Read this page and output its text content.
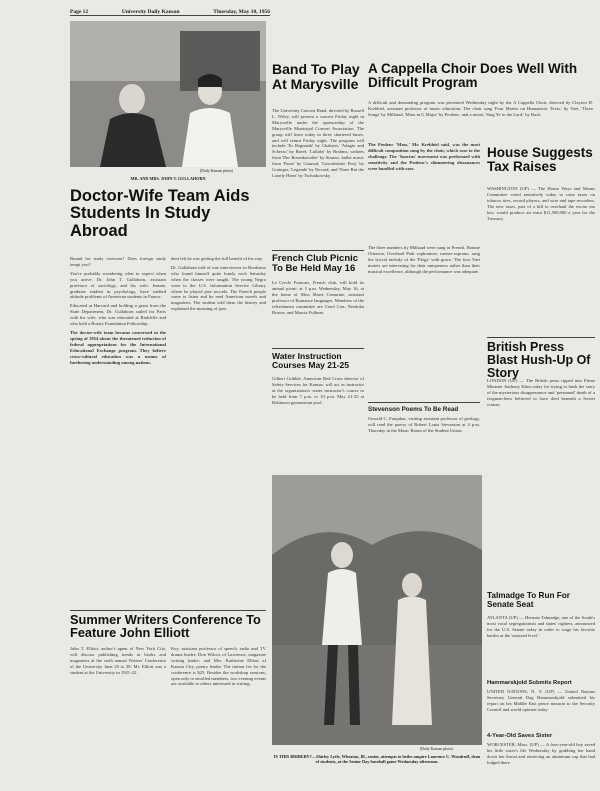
Page 12	University Daily Kansan	Thursday, May 10, 1956
(Daily Kansan photo)
MR. AND MRS. JOHN T. GULLAHORN
Doctor-Wife Team Aids Students In Study Abroad

Bound for study overseas? Does foreign study tempt you?

You're probably wondering what to expect when you arrive. Dr. John T. Gullahorn, assistant professor of sociology, and his wife, Jeanne, graduate student in psychology, have studied attitude problems of American students in France.

Educated at Harvard and holding a grant from the State Department, Dr. Gullahorn sailed for Paris with his wife, who was educated at Radcliffe and who held a Rotary Foundation Fellowship.

The doctor-wife team became concerned in the spring of 1954 about the threatened reduction of federal appropriations for the International Educational Exchange program. They believe cross-cultural education was a means of furthering understanding among nations.

dent felt he was getting the full benefit of his stay.

Dr. Gullahorn told of one interviewee in Bordeaux who found himself quite lonely each Saturday when the classes were taught. The young Negro went to the U.S. Information Service Library where he played jazz records. The French people came to listen and he read American novels and magazines. The student told them the history and explained the meaning of jazz.

Band To Play At Marysville
The University Concert Band, directed by Russell L. Wiley, will present a concert Friday night in Marysville under the sponsorship of the Marysville Municipal Concert Association. The group will leave today in three chartered buses, and will return Friday night. The program will include 'Es Regnarde' by Chabrier, 'Adagio and Scherzo' by Bavel, 'Lullaby' by Brahms, waltzes from 'Der Rosenkavalier' by Strauss, ballet music from 'Faust' by Gounod, 'Lincolnshire Posy' by Grainger, 'Legende' by Nevard, and 'None But the Lonely Heart' by Tschaikowsky.
French Club Picnic To Be Held May 16
Le Cercle Francais, French club, will hold its annual picnic at 5 p.m. Wednesday, May 16, at the home of Miss Marie Crumrine, assistant professor of Romance languages. Members of the refreshment committee are Carol Carr, Needoba Brown, and Marcia Fullmer.
Water Instruction Courses May 21-25
Gilbert Gribble, American Red Cross director of Safety Services for Kansas, will act as instructor at the organization's water instructor's course to be held from 7 p.m. to 10 p.m. May 21-25 at Robinson gymnasium pool.
A Cappella Choir Does Well With Difficult Program
A difficult and demanding program was presented Wednesday night by the A Cappella Choir, directed by Clayton H. Krehbiel, assistant professor of music education. The choir sang 'Four Motets on Humanistic Texts,' by Vaet, 'Three Songs' by Milhaud, 'Mass in G Major' by Poulenc, and a motet, 'Sing Ye to the Lord,' by Bach.
The Poulenc 'Mass,' Mr. Krehbiel said, was the most difficult composition sung by the choir, which rose to the challenge. The 'Sanctus' movement was performed with sensitivity and the Poulenc's shimmering dissonances were handled with ease.
The three numbers by Milhaud were sung in French. Bonnie Otterson, Overland Park sophomore, mezzo-soprano, sang the lyrical melody of the 'Elegy' with grace. The four Vaet motets are interesting for their uniqueness rather than their musical excellence, although the performance was adequate.
Stevenson Poems To Be Read
Oswald C. Farquhar, visiting assistant professor of geology, will read the poetry of Robert Louis Stevenson at 4 p.m. Thursday in the Music Room of the Student Union.
House Suggests Tax Raises
WASHINGTON (UP) — The House Ways and Means Committee voted tentatively today to raise taxes on tobacco tires, record players, and wire and tape recorders. The new taxes, part of a bill to overhaul the excise tax law, would produce an extra $11,500,000 a year for the Treasury.
British Press Blast Hush-Up Of Story
LONDON (UP) — The British press ripped into Prime Minister Anthony Eden today for trying to hush the story of the mysterious disappearance and 'presumed' death of a frogman-hero believed to have died beneath a Soviet cruiser.
Talmadge To Run For Senate Seat
ATLANTA (UP) — Herman Talmadge, one of the South's most vocal segregationists and states' righters, announced for the U.S. Senate today in order to wage his favorite battles at the 'national level.'
Hammarskjold Submits Report
UNITED NATIONS, N. Y. (UP) — United Nations Secretary General Dag Hammarskjold submitted his report on his Middle East peace mission to the Security Council and world opinion today.
4-Year-Old Saves Sister
WORCESTER, Mass. (UP) — A four-year-old boy saved his little sister's life Wednesday by grabbing her hand down her throat and retrieving an aluminum cap that had lodged there.
(Daily Kansan photo)
IS THIS BRIBERY?—Shirley Lytle, Wheaton, Ill., senior, attempts to bribe umpire Laurence C. Woodruff, dean of students, at the Senior Day baseball game Wednesday afternoon.
Summer Writers Conference To Feature John Elliott
John T. Elliott, author's agent of New York City, will discuss publishing trends in books and magazines at the sixth annual Writers' Conference of the University June 25 to 28. Mr. Elliott was a student at the University in 1921-22.
Key, assistant professor of speech, radio and TV drama leader; Don Wilcox of Lawrence, magazine writing leader; and Mrs. Katherine Elliott of Kansas City, poetry leader. The tuition fee for the conference is $25. Besides the workshop sessions, open only to enrolled members, two evening events are available to others interested in writing.
